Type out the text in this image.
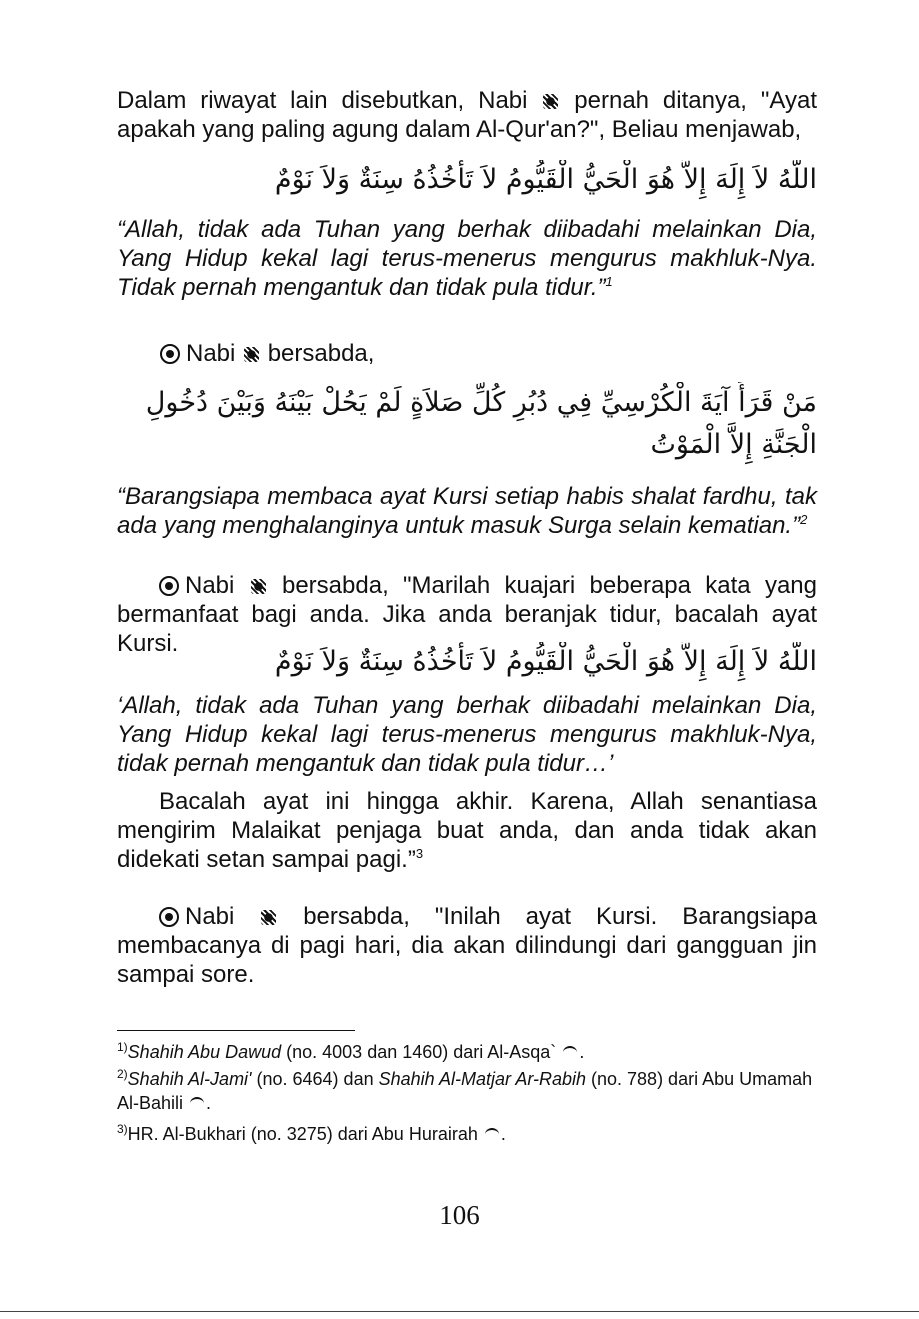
Dalam riwayat lain disebutkan, Nabi pernah ditanya, "Ayat apakah yang paling agung dalam Al-Qur'an?", Beliau menjawab,

اللَّهُ لاَ إِلَهَ إِلاَّ هُوَ الْحَيُّ الْقَيُّومُ لاَ تَأْخُذُهُ سِنَةٌ وَلاَ نَوْمٌ

“Allah, tidak ada Tuhan yang berhak diibadahi melainkan Dia, Yang Hidup kekal lagi terus-menerus mengurus makhluk-Nya. Tidak pernah mengantuk dan tidak pula tidur.”$^1$

Nabi bersabda,

مَنْ قَرَأَ آيَةَ الْكُرْسِيِّ فِي دُبُرِ كُلِّ صَلاَةٍ لَمْ يَحُلْ بَيْنَهُ وَبَيْنَ دُخُولِ الْجَنَّةِ إِلاَّ الْمَوْتُ

“Barangsiapa membaca ayat Kursi setiap habis shalat fardhu, tak ada yang menghalanginya untuk masuk Surga selain kematian.”$^2$

Nabi bersabda, "Marilah kuajari beberapa kata yang bermanfaat bagi anda. Jika anda beranjak tidur, bacalah ayat Kursi.

اللَّهُ لاَ إِلَهَ إِلاَّ هُوَ الْحَيُّ الْقَيُّومُ لاَ تَأْخُذُهُ سِنَةٌ وَلاَ نَوْمٌ

‘Allah, tidak ada Tuhan yang berhak diibadahi melainkan Dia, Yang Hidup kekal lagi terus-menerus mengurus makhluk-Nya, tidak pernah mengantuk dan tidak pula tidur…’

Bacalah ayat ini hingga akhir. Karena, Allah senantiasa mengirim Malaikat penjaga buat anda, dan anda tidak akan didekati setan sampai pagi.”$^3$

Nabi	bersabda, "Inilah ayat Kursi. Barangsiapa membacanya di pagi hari, dia akan dilindungi dari gangguan jin sampai sore.

$^{1)}$Shahih Abu Dawud (no. 4003 dan 1460) dari Al-Asqa` .

$^{2)}$Shahih Al-Jami' (no. 6464) dan Shahih Al-Matjar Ar-Rabih (no. 788) dari Abu Umamah Al-Bahili .

$^{3)}$HR. Al-Bukhari (no. 3275) dari Abu Hurairah .

106
